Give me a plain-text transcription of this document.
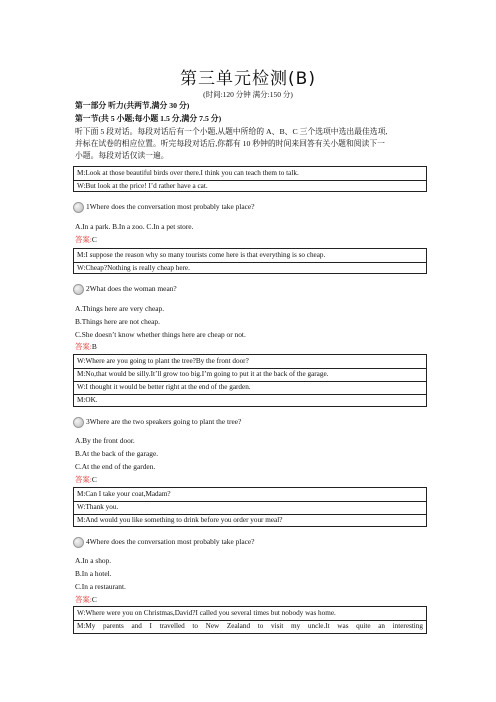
第三单元检测(B)
(时间:120 分钟 满分:150 分)
第一部分 听力(共两节,满分 30 分)
第一节(共 5 小题;每小题 1.5 分,满分 7.5 分)
听下面 5 段对话。每段对话后有一个小题,从题中所给的 A、B、C 三个选项中选出最佳选项,
并标在试卷的相应位置。听完每段对话后,你都有 10 秒钟的时间来回答有关小题和阅读下一
小题。每段对话仅读一遍。
M:Look at those beautiful birds over there.I think you can teach them to talk.
W:But look at the price! I’d rather have a cat.
1Where does the conversation most probably take place?
A.In a park. B.In a zoo. C.In a pet store.
答案:C
M:I suppose the reason why so many tourists come here is that everything is so cheap.
W:Cheap?Nothing is really cheap here.
2What does the woman mean?
A.Things here are very cheap.
B.Things here are not cheap.
C.She doesn’t know whether things here are cheap or not.
答案:B
W:Where are you going to plant the tree?By the front door?
M:No,that would be silly.It’ll grow too big.I’m going to put it at the back of the garage.
W:I thought it would be better right at the end of the garden.
M:OK.
3Where are the two speakers going to plant the tree?
A.By the front door.
B.At the back of the garage.
C.At the end of the garden.
答案:C
M:Can I take your coat,Madam?
W:Thank you.
M:And would you like something to drink before you order your meal?
4Where does the conversation most probably take place?
A.In a shop.
B.In a hotel.
C.In a restaurant.
答案:C
W:Where were you on Christmas,David?I called you several times but nobody was home.
M:My parents and I travelled to New Zealand to visit my uncle.It was quite an interesting
